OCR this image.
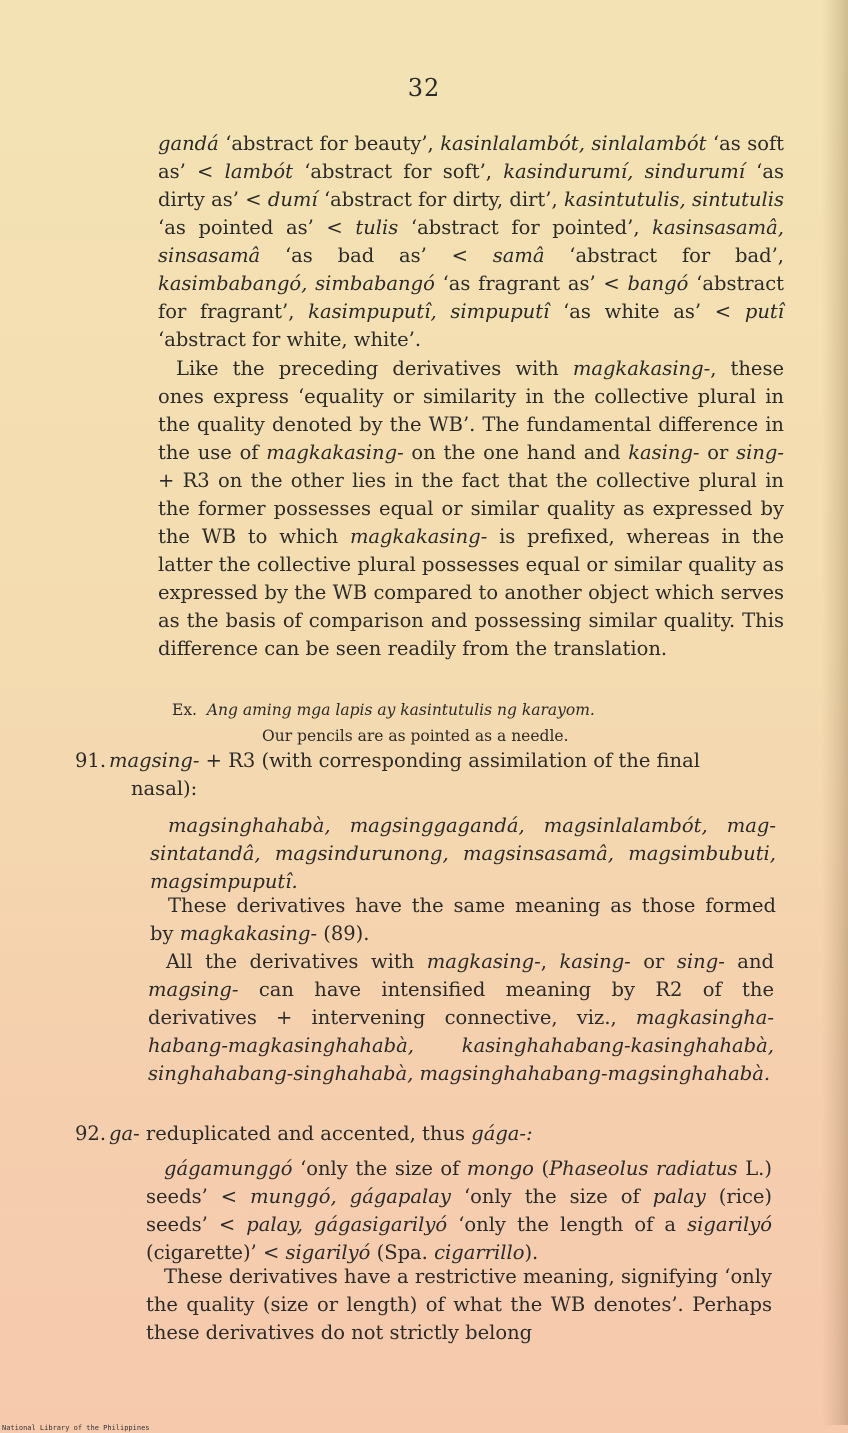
32
gandá ‘abstract for beauty’, kasinlalambót, sinlalambót ‘as soft as’ < lambót ‘abstract for soft’, kasindurumí, sindurumí ‘as dirty as’ < dumí ‘abstract for dirty, dirt’, kasintutulis, sintutulis ‘as pointed as’ < tulis ‘abstract for pointed’, kasinsasamâ, sinsasamâ ‘as bad as’ < samâ ‘abstract for bad’, kasimbabangó, simbabangó ‘as fragrant as’ < bangó ‘abstract for fragrant’, kasimpuputî, simpuputî ‘as white as’ < putî ‘abstract for white, white’.
Like the preceding derivatives with magkakasing-, these ones express ‘equality or similarity in the collective plural in the quality denoted by the WB’. The fundamental difference in the use of magkakasing- on the one hand and kasing- or sing- + R3 on the other lies in the fact that the collective plural in the former possesses equal or similar quality as expressed by the WB to which magkakasing- is prefixed, whereas in the latter the collective plural possesses equal or similar quality as expressed by the WB compared to another object which serves as the basis of comparison and possessing similar quality. This difference can be seen readily from the translation.
Ex. Ang aming mga lapis ay kasintutulis ng karayom.
Our pencils are as pointed as a needle.
91. magsing- + R3 (with corresponding assimilation of the final
nasal):
magsinghahabà, magsinggagandá, magsinlalambót, magsintatandâ, magsindurunong, magsinsasamâ, magsimbubuti, magsimpuputî.
These derivatives have the same meaning as those formed by magkakasing- (89).
All the derivatives with magkasing-, kasing- or sing- and magsing- can have intensified meaning by R2 of the derivatives + intervening connective, viz., magkasinghahabang-magkasinghahabà, kasinghahabang-kasinghahabà, singhahabang-singhahabà, magsinghahabang-magsinghahabà.
92. ga- reduplicated and accented, thus gága-:
gágamunggó ‘only the size of mongo (Phaseolus radiatus L.) seeds’ < munggó, gágapalay ‘only the size of palay (rice) seeds’ < palay, gágasigarilyó ‘only the length of a sigarilyó (cigarette)’ < sigarilyó (Spa. cigarrillo).
These derivatives have a restrictive meaning, signifying ‘only the quality (size or length) of what the WB denotes’. Perhaps these derivatives do not strictly belong
National Library of the Philippines
